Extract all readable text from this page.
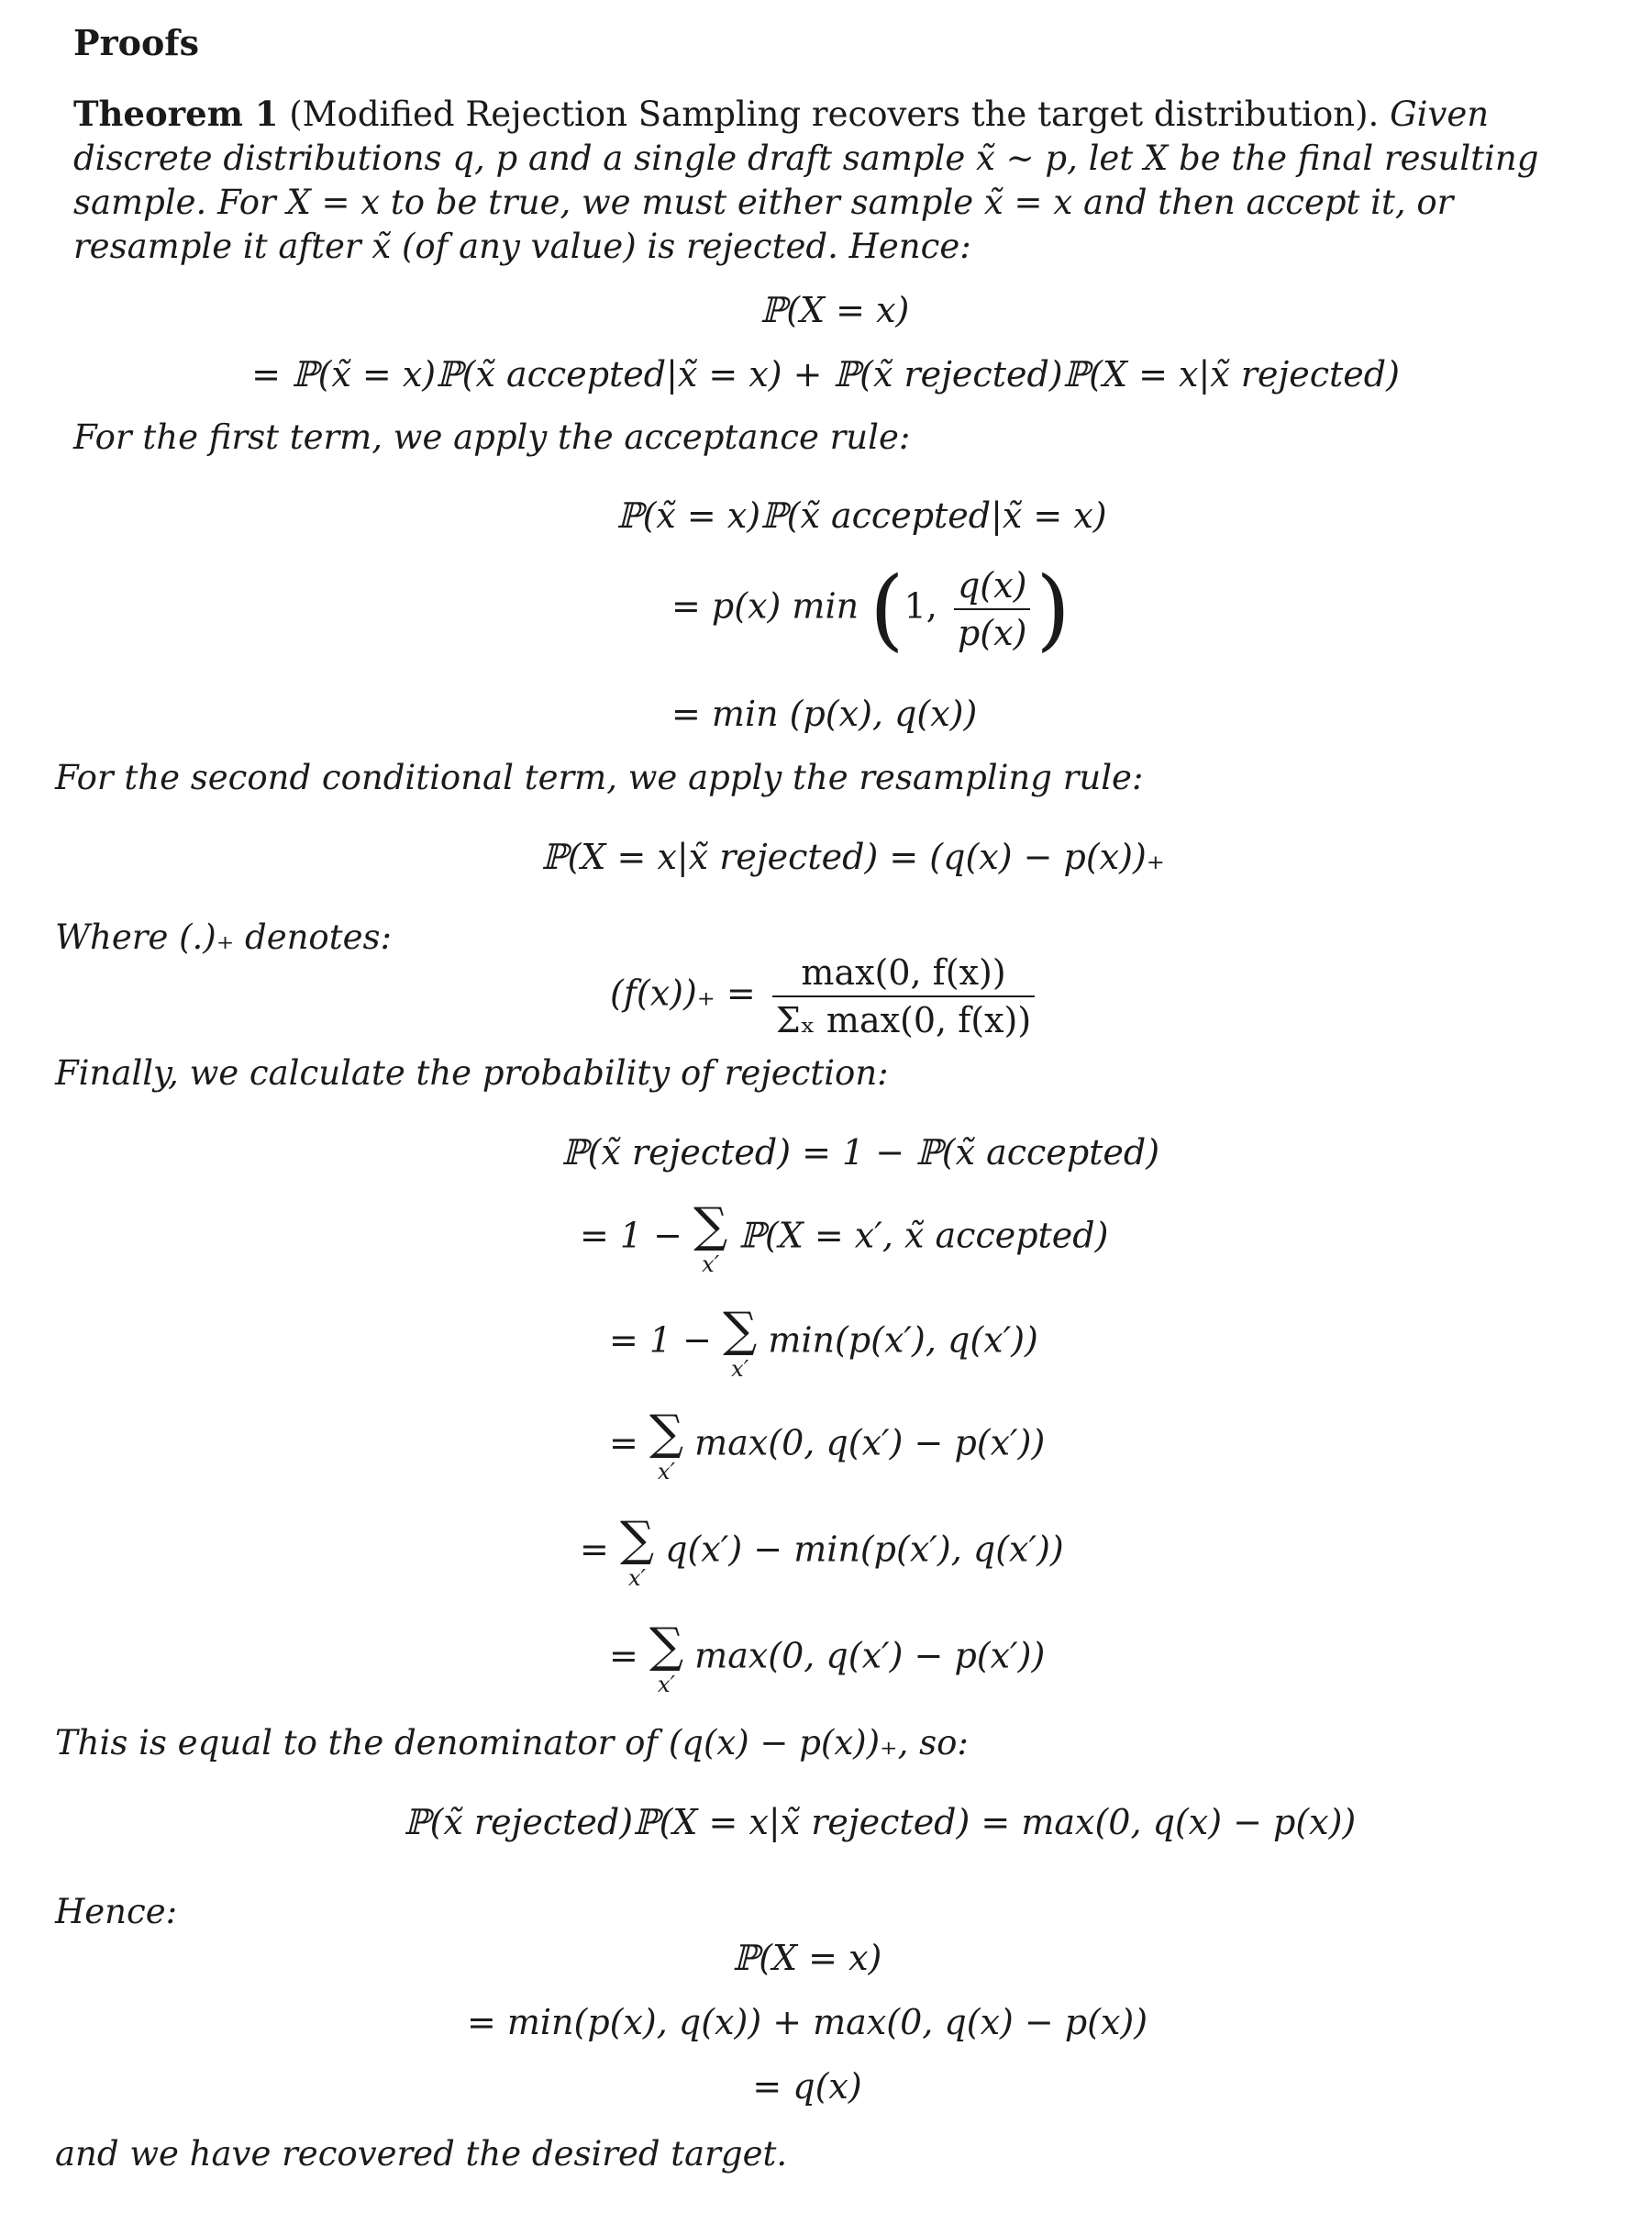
Proofs
Theorem 1 (Modified Rejection Sampling recovers the target distribution). Given discrete distributions q, p and a single draft sample x̃ ~ p, let X be the final resulting sample. For X = x to be true, we must either sample x̃ = x and then accept it, or resample it after x̃ (of any value) is rejected. Hence:
ℙ(X = x)
= ℙ(x̃ = x)ℙ(x̃ accepted|x̃ = x) + ℙ(x̃ rejected)ℙ(X = x|x̃ rejected)
For the first term, we apply the acceptance rule:
ℙ(x̃ = x)ℙ(x̃ accepted|x̃ = x)
= p(x) min (1, $\frac{q(x)}{p(x)}$ )
= min (p(x), q(x))
For the second conditional term, we apply the resampling rule:
ℙ(X = x|x̃ rejected) = (q(x) − p(x))₊
Where (.)₊ denotes:
$(f(x))_+ = \frac{\max(0, f(x))}{\text{Σₓ max(0, f(x))}}$
Finally, we calculate the probability of rejection:
ℙ(x̃ rejected) = 1 − ℙ(x̃ accepted)
= 1 − ∑
x′
ℙ(X = x′, x̃ accepted)
= 1 − ∑
x′
min(p(x′), q(x′))
= ∑
x′
max(0, q(x′) − p(x′))
= ∑
x′
q(x′) − min(p(x′), q(x′))
= ∑
x′
max(0, q(x′) − p(x′))
This is equal to the denominator of (q(x) − p(x))₊, so:
ℙ(x̃ rejected)ℙ(X = x|x̃ rejected) = max(0, q(x) − p(x))
Hence:
ℙ(X = x)
= min(p(x), q(x)) + max(0, q(x) − p(x))
= q(x)
and we have recovered the desired target.
